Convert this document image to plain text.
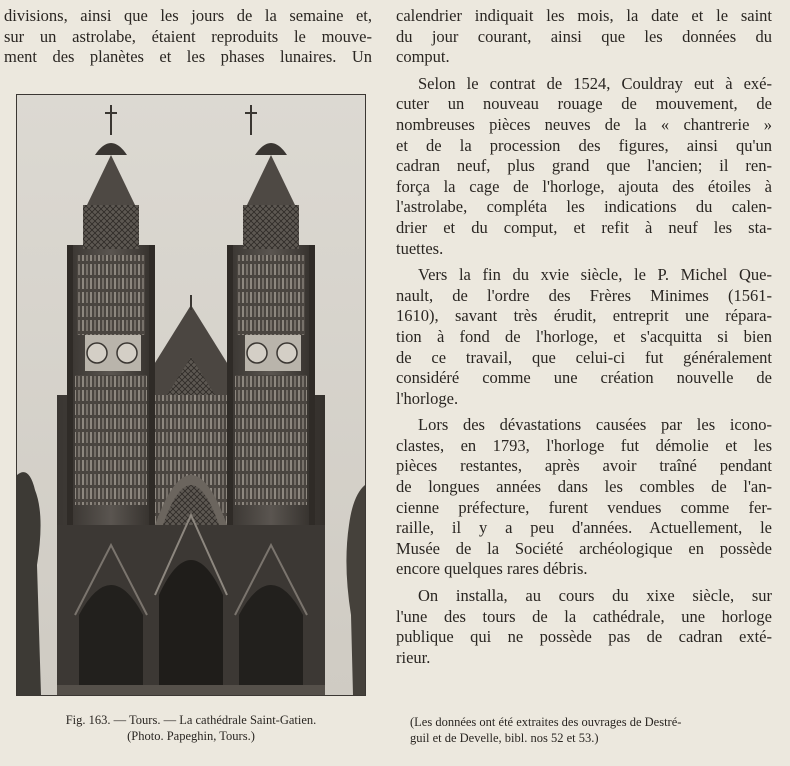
divisions, ainsi que les jours de la semaine et,
sur un astrolabe, étaient reproduits le mouve-
ment des planètes et les phases lunaires. Un
Fig. 163. — Tours. — La cathédrale Saint-Gatien.
(Photo. Papeghin, Tours.)
calendrier indiquait les mois, la date et le saint
du jour courant, ainsi que les données du
comput.
Selon le contrat de 1524, Couldray eut à exé-
cuter un nouveau rouage de mouvement, de
nombreuses pièces neuves de la « chantrerie »
et de la procession des figures, ainsi qu'un
cadran neuf, plus grand que l'ancien; il ren-
força la cage de l'horloge, ajouta des étoiles à
l'astrolabe, compléta les indications du calen-
drier et du comput, et refit à neuf les sta-
tuettes.
Vers la fin du xvie siècle, le P. Michel Que-
nault, de l'ordre des Frères Minimes (1561-
1610), savant très érudit, entreprit une répara-
tion à fond de l'horloge, et s'acquitta si bien
de ce travail, que celui-ci fut généralement
considéré comme une création nouvelle de
l'horloge.
Lors des dévastations causées par les icono-
clastes, en 1793, l'horloge fut démolie et les
pièces restantes, après avoir traîné pendant
de longues années dans les combles de l'an-
cienne préfecture, furent vendues comme fer-
raille, il y a peu d'années. Actuellement, le
Musée de la Société archéologique en possède
encore quelques rares débris.
On installa, au cours du xixe siècle, sur
l'une des tours de la cathédrale, une horloge
publique qui ne possède pas de cadran exté-
rieur.
(Les données ont été extraites des ouvrages de Destré-
guil et de Develle, bibl. nos 52 et 53.)
